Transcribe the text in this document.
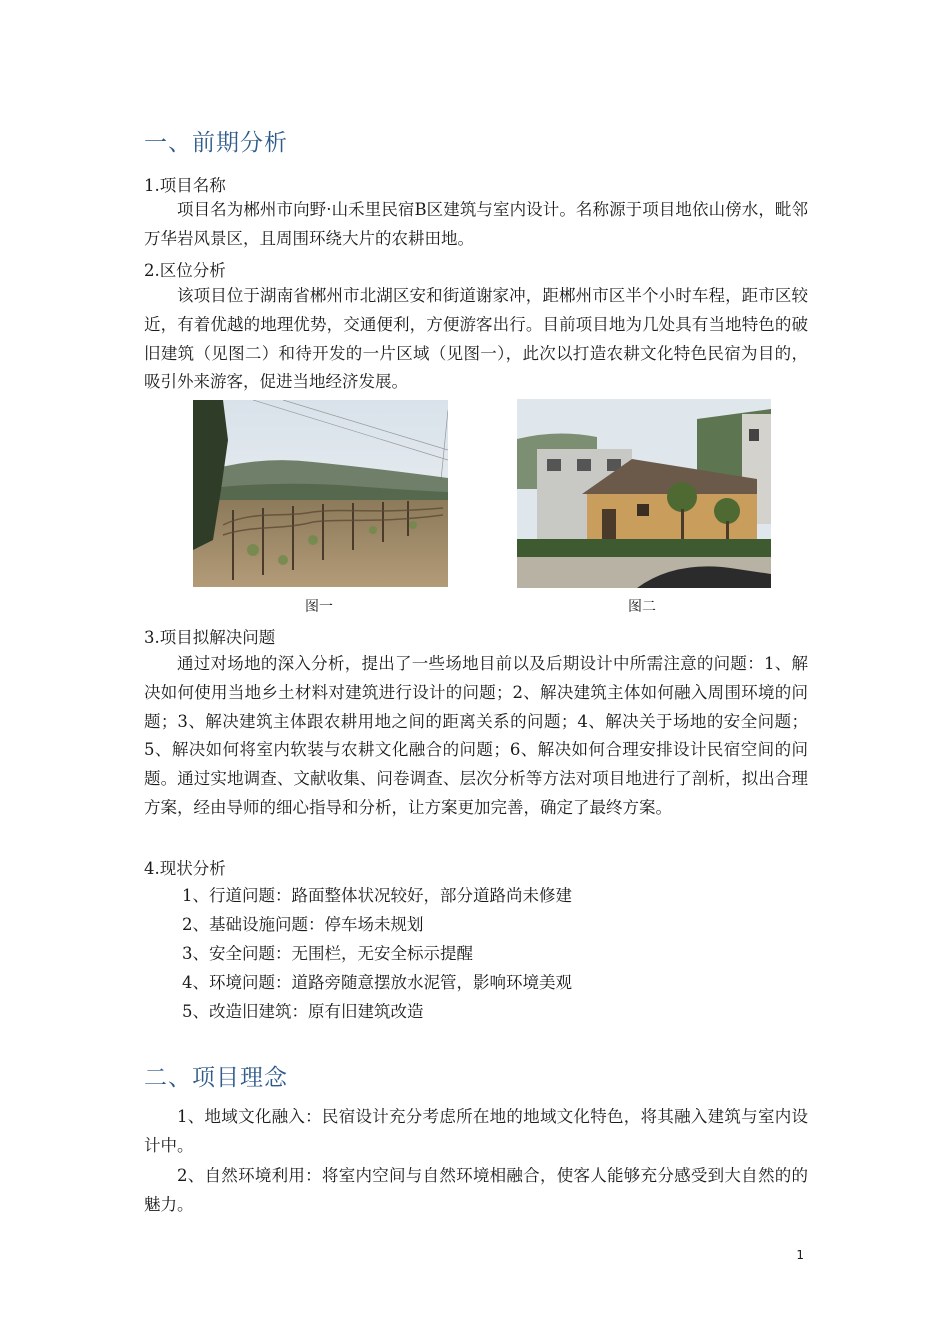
一、前期分析
1.项目名称
项目名为郴州市向野·山禾里民宿B区建筑与室内设计。名称源于项目地依山傍水，毗邻万华岩风景区，且周围环绕大片的农耕田地。
2.区位分析
该项目位于湖南省郴州市北湖区安和街道谢家冲，距郴州市区半个小时车程，距市区较近，有着优越的地理优势，交通便利，方便游客出行。目前项目地为几处具有当地特色的破旧建筑（见图二）和待开发的一片区域（见图一），此次以打造农耕文化特色民宿为目的，吸引外来游客，促进当地经济发展。
图一	图二
3.项目拟解决问题
通过对场地的深入分析，提出了一些场地目前以及后期设计中所需注意的问题：1、解决如何使用当地乡土材料对建筑进行设计的问题；2、解决建筑主体如何融入周围环境的问题；3、解决建筑主体跟农耕用地之间的距离关系的问题；4、解决关于场地的安全问题；5、解决如何将室内软装与农耕文化融合的问题；6、解决如何合理安排设计民宿空间的问题。通过实地调查、文献收集、问卷调查、层次分析等方法对项目地进行了剖析，拟出合理方案，经由导师的细心指导和分析，让方案更加完善，确定了最终方案。
4.现状分析
1、行道问题：路面整体状况较好，部分道路尚未修建
2、基础设施问题：停车场未规划
3、安全问题：无围栏，无安全标示提醒
4、环境问题：道路旁随意摆放水泥管，影响环境美观
5、改造旧建筑：原有旧建筑改造
二、项目理念
1、地域文化融入：民宿设计充分考虑所在地的地域文化特色，将其融入建筑与室内设计中。
2、自然环境利用：将室内空间与自然环境相融合，使客人能够充分感受到大自然的的魅力。
1
